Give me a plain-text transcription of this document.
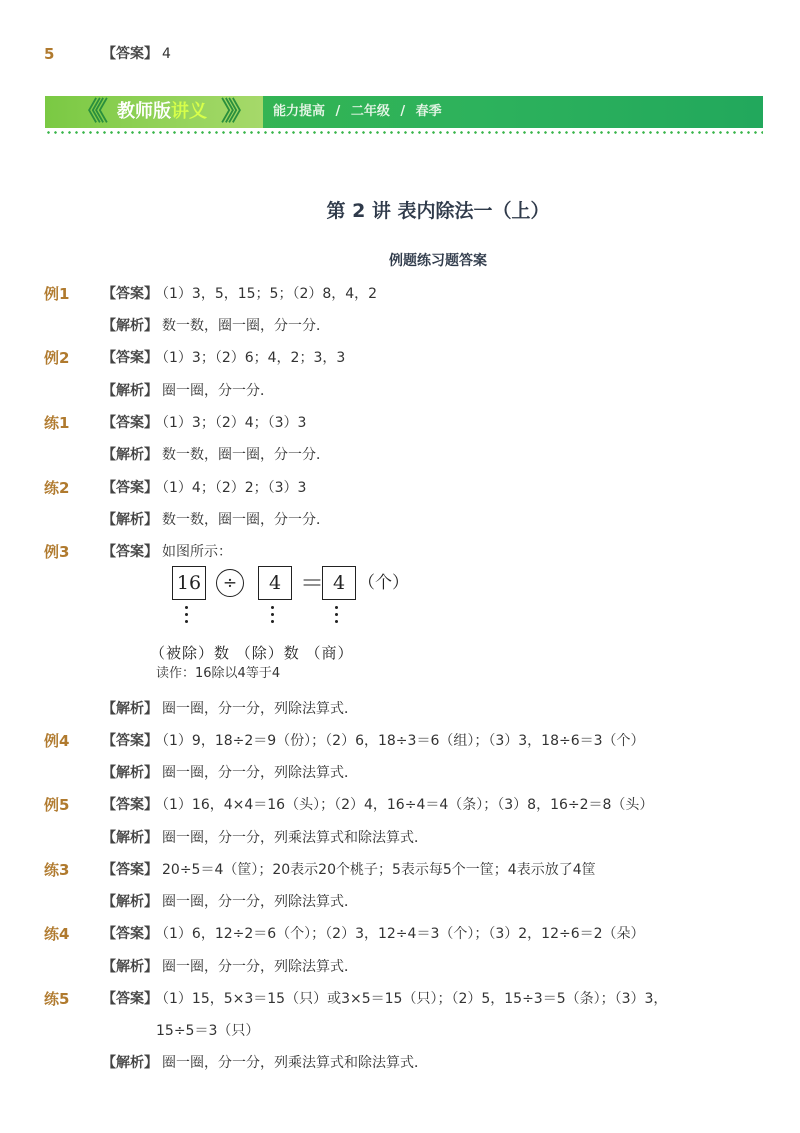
5	【答案】 4
《《 教师版讲义 》》 能力提高 / 二年级 / 春季
第 2 讲 表内除法一（上）
例题练习题答案
例1 【答案】 （1）3，5，15；5；（2）8，4，2
【解析】 数一数，圈一圈，分一分．
例2 【答案】 （1）3；（2）6；4，2；3，3
【解析】 圈一圈，分一分．
练1 【答案】 （1）3；（2）4；（3）3
【解析】 数一数，圈一圈，分一分．
练2 【答案】 （1）4；（2）2；（3）3
【解析】 数一数，圈一圈，分一分．
例3 【答案】 如图所示：
16	÷	4 ＝ 4 （个）
（被除）数 （除）数 （商）
读作：16除以4等于4
【解析】 圈一圈，分一分，列除法算式．
例4 【答案】 （1）9，18÷2＝9（份）；（2）6，18÷3＝6（组）；（3）3，18÷6＝3（个）
【解析】 圈一圈，分一分，列除法算式．
例5 【答案】 （1）16，4×4＝16（头）；（2）4，16÷4＝4（条）；（3）8，16÷2＝8（头）
【解析】 圈一圈，分一分，列乘法算式和除法算式．
练3 【答案】 20÷5＝4（筐）；20表示20个桃子；5表示每5个一筐；4表示放了4筐
【解析】 圈一圈，分一分，列除法算式．
练4 【答案】 （1）6，12÷2＝6（个）；（2）3，12÷4＝3（个）；（3）2，12÷6＝2（朵）
【解析】 圈一圈，分一分，列除法算式．
练5 【答案】 （1）15，5×3＝15（只）或3×5＝15（只）；（2）5，15÷3＝5（条）；（3）3，
15÷5＝3（只）
【解析】 圈一圈，分一分，列乘法算式和除法算式．
